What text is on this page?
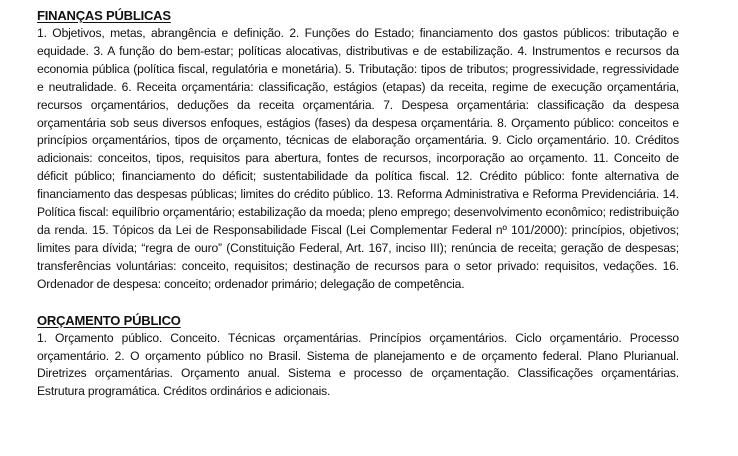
FINANÇAS PÚBLICAS

1. Objetivos, metas, abrangência e definição. 2. Funções do Estado; financiamento dos gastos públicos: tributação e equidade. 3. A função do bem-estar; políticas alocativas, distributivas e de estabilização. 4. Instrumentos e recursos da economia pública (política fiscal, regulatória e monetária). 5. Tributação: tipos de tributos; progressividade, regressividade e neutralidade. 6. Receita orçamentária: classificação, estágios (etapas) da receita, regime de execução orçamentária, recursos orçamentários, deduções da receita orçamentária. 7. Despesa orçamentária: classificação da despesa orçamentária sob seus diversos enfoques, estágios (fases) da despesa orçamentária. 8. Orçamento público: conceitos e princípios orçamentários, tipos de orçamento, técnicas de elaboração orçamentária. 9. Ciclo orçamentário. 10. Créditos adicionais: conceitos, tipos, requisitos para abertura, fontes de recursos, incorporação ao orçamento. 11. Conceito de déficit público; financiamento do déficit; sustentabilidade da política fiscal. 12. Crédito público: fonte alternativa de financiamento das despesas públicas; limites do crédito público. 13. Reforma Administrativa e Reforma Previdenciária. 14. Política fiscal: equilíbrio orçamentário; estabilização da moeda; pleno emprego; desenvolvimento econômico; redistribuição da renda. 15. Tópicos da Lei de Responsabilidade Fiscal (Lei Complementar Federal nº 101/2000): princípios, objetivos; limites para dívida; “regra de ouro” (Constituição Federal, Art. 167, inciso III); renúncia de receita; geração de despesas; transferências voluntárias: conceito, requisitos; destinação de recursos para o setor privado: requisitos, vedações. 16. Ordenador de despesa: conceito; ordenador primário; delegação de competência.

ORÇAMENTO PÚBLICO

1. Orçamento público. Conceito. Técnicas orçamentárias. Princípios orçamentários. Ciclo orçamentário. Processo orçamentário. 2. O orçamento público no Brasil. Sistema de planejamento e de orçamento federal. Plano Plurianual. Diretrizes orçamentárias. Orçamento anual. Sistema e processo de orçamentação. Classificações orçamentárias. Estrutura programática. Créditos ordinários e adicionais.
